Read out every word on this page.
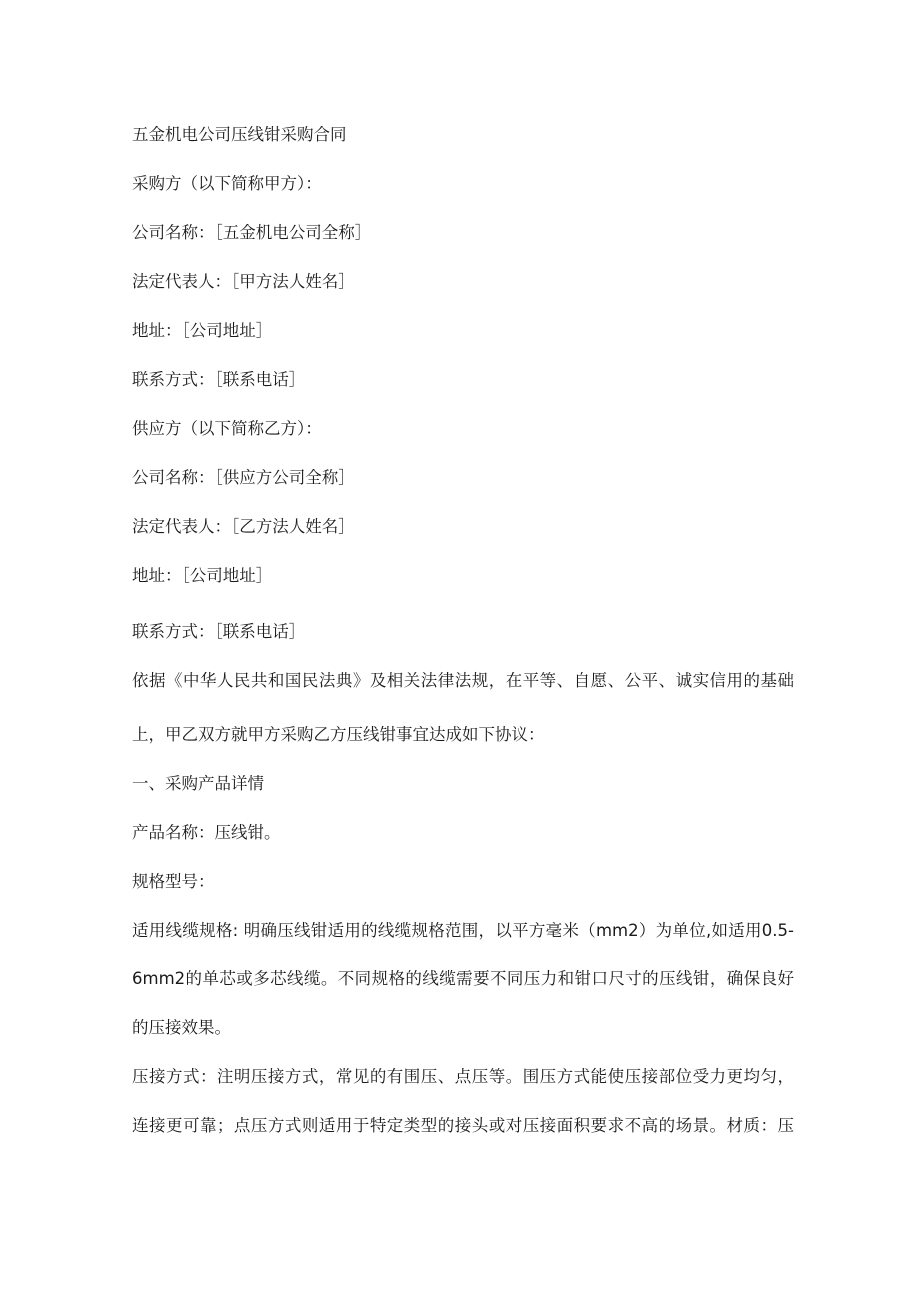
五金机电公司压线钳采购合同
采购方（以下简称甲方）：
公司名称：［五金机电公司全称］
法定代表人：［甲方法人姓名］
地址：［公司地址］
联系方式：［联系电话］
供应方（以下简称乙方）：
公司名称：［供应方公司全称］
法定代表人：［乙方法人姓名］
地址：［公司地址］
联系方式：［联系电话］
依据《中华人民共和国民法典》及相关法律法规，在平等、自愿、公平、诚实信用的基础
上，甲乙双方就甲方采购乙方压线钳事宜达成如下协议：
一、采购产品详情
产品名称：压线钳。
规格型号：
适用线缆规格: 明确压线钳适用的线缆规格范围，以平方毫米（mm2）为单位,如适用0.5-
6mm2的单芯或多芯线缆。不同规格的线缆需要不同压力和钳口尺寸的压线钳，确保良好
的压接效果。
压接方式：注明压接方式，常见的有围压、点压等。围压方式能使压接部位受力更均匀，
连接更可靠；点压方式则适用于特定类型的接头或对压接面积要求不高的场景。材质：压
